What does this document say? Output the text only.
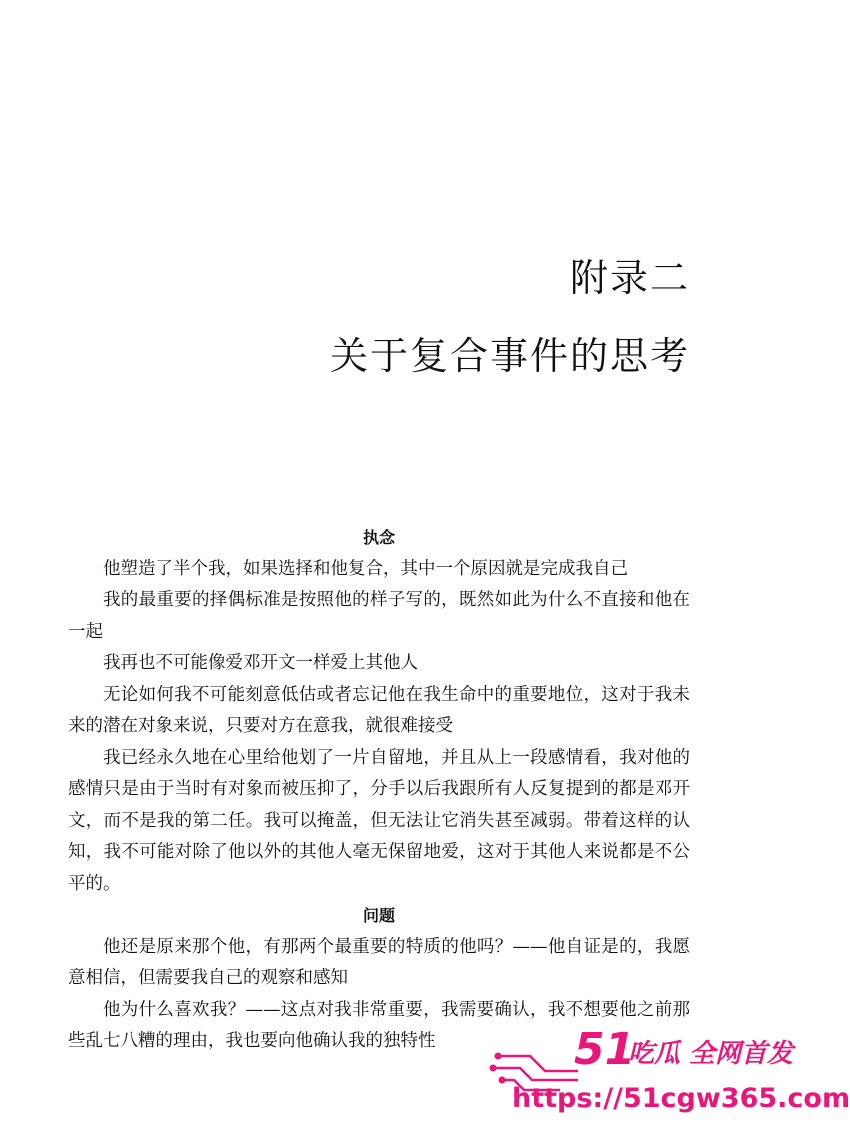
附录二
关于复合事件的思考

执念

他塑造了半个我，如果选择和他复合，其中一个原因就是完成我自己

我的最重要的择偶标准是按照他的样子写的，既然如此为什么不直接和他在一起

我再也不可能像爱邓开文一样爱上其他人

无论如何我不可能刻意低估或者忘记他在我生命中的重要地位，这对于我未来的潜在对象来说，只要对方在意我，就很难接受

我已经永久地在心里给他划了一片自留地，并且从上一段感情看，我对他的感情只是由于当时有对象而被压抑了，分手以后我跟所有人反复提到的都是邓开文，而不是我的第二任。我可以掩盖，但无法让它消失甚至减弱。带着这样的认知，我不可能对除了他以外的其他人毫无保留地爱，这对于其他人来说都是不公平的。

问题

他还是原来那个他，有那两个最重要的特质的他吗？——他自证是的，我愿意相信，但需要我自己的观察和感知

他为什么喜欢我？——这点对我非常重要，我需要确认，我不想要他之前那些乱七八糟的理由，我也要向他确认我的独特性	51
吃瓜 全网首发
https://51cgw365.com
